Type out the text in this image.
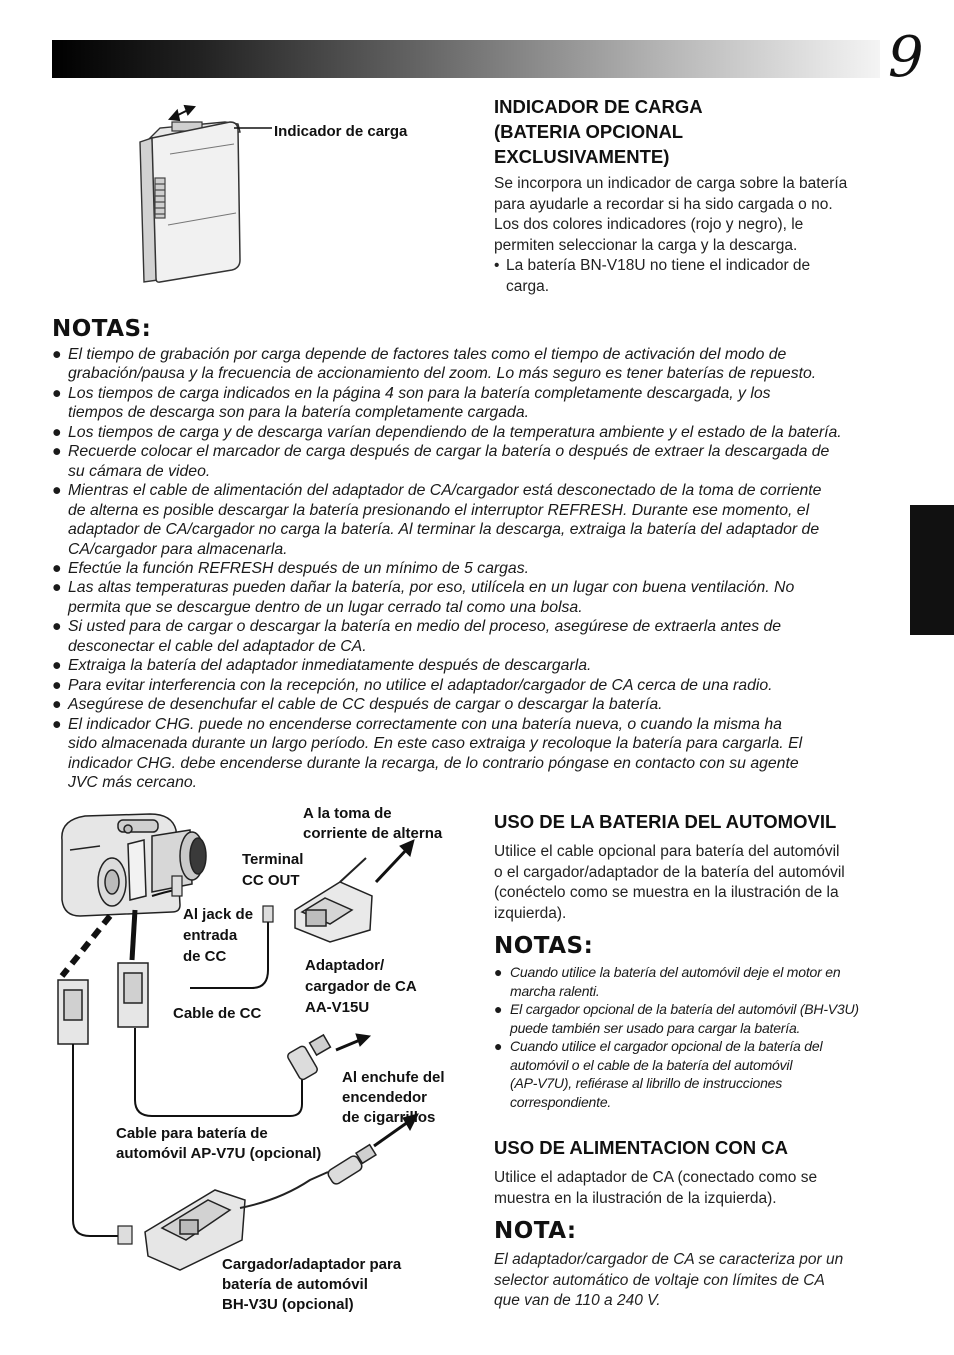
9
Indicador de carga
INDICADOR DE CARGA
(BATERIA OPCIONAL
EXCLUSIVAMENTE)
Se incorpora un indicador de carga sobre la batería
para ayudarle a recordar si ha sido cargada o no.
Los dos colores indicadores (rojo y negro), le
permiten seleccionar la carga y la descarga.
• La batería BN-V18U no tiene el indicador de
carga.
NOTAS:
● El tiempo de grabación por carga depende de factores tales como el tiempo de activación del modo de
grabación/pausa y la frecuencia de accionamiento del zoom. Lo más seguro es tener baterías de repuesto.
● Los tiempos de carga indicados en la página 4 son para la batería completamente descargada, y los
tiempos de descarga son para la batería completamente cargada.
● Los tiempos de carga y de descarga varían dependiendo de la temperatura ambiente y el estado de la batería.
● Recuerde colocar el marcador de carga después de cargar la batería o después de extraer la descargada de
su cámara de video.
● Mientras el cable de alimentación del adaptador de CA/cargador está desconectado de la toma de corriente
de alterna es posible descargar la batería presionando el interruptor REFRESH. Durante ese momento, el
adaptador de CA/cargador no carga la batería. Al terminar la descarga, extraiga la batería del adaptador de
CA/cargador para almacenarla.
● Efectúe la función REFRESH después de un mínimo de 5 cargas.
● Las altas temperaturas pueden dañar la batería, por eso, utilícela en un lugar con buena ventilación. No
permita que se descargue dentro de un lugar cerrado tal como una bolsa.
● Si usted para de cargar o descargar la batería en medio del proceso, asegúrese de extraerla antes de
desconectar el cable del adaptador de CA.
● Extraiga la batería del adaptador inmediatamente después de descargarla.
● Para evitar interferencia con la recepción, no utilice el adaptador/cargador de CA cerca de una radio.
● Asegúrese de desenchufar el cable de CC después de cargar o descargar la batería.
● El indicador CHG. puede no encenderse correctamente con una batería nueva, o cuando la misma ha
sido almacenada durante un largo período. En este caso extraiga y recoloque la batería para cargarla. El
indicador CHG. debe encenderse durante la recarga, de lo contrario póngase en contacto con su agente
JVC más cercano.
A la toma de
corriente de alterna
Terminal
CC OUT
Al jack de
entrada
de CC
Adaptador/
cargador de CA
AA-V15U
Cable de CC
Al enchufe del
encendedor
de cigarrillos
Cable para batería de
automóvil AP-V7U (opcional)
Cargador/adaptador para
batería de automóvil
BH-V3U (opcional)
USO DE LA BATERIA DEL AUTOMOVIL
Utilice el cable opcional para batería del automóvil
o el cargador/adaptador de la batería del automóvil
(conéctelo como se muestra en la ilustración de la
izquierda).
NOTAS:
● Cuando utilice la batería del automóvil deje el motor en
marcha ralenti.
● El cargador opcional de la batería del automóvil (BH-V3U)
puede también ser usado para cargar la batería.
● Cuando utilice el cargador opcional de la batería del
automóvil o el cable de la batería del automóvil
(AP-V7U), refiérase al librillo de instrucciones
correspondiente.
USO DE ALIMENTACION CON CA
Utilice el adaptador de CA (conectado como se
muestra en la ilustración de la izquierda).
NOTA:
El adaptador/cargador de CA se caracteriza por un
selector automático de voltaje con límites de CA
que van de 110 a 240 V.
